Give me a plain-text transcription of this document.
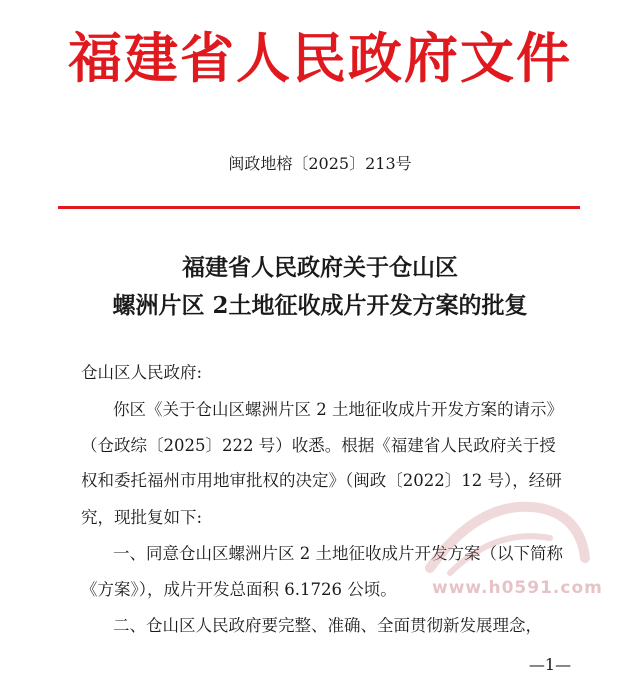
福建省人民政府文件
闽政地榕〔2025〕213号
福建省人民政府关于仓山区
螺洲片区 2土地征收成片开发方案的批复
仓山区人民政府:
你区《关于仓山区螺洲片区 2 土地征收成片开发方案的请示》
（仓政综〔2025〕222 号）收悉。根据《福建省人民政府关于授
权和委托福州市用地审批权的决定》（闽政〔2022〕12 号），经研
究，现批复如下:
一、同意仓山区螺洲片区 2 土地征收成片开发方案（以下简称
《方案》），成片开发总面积 6.1726 公顷。
二、仓山区人民政府要完整、准确、全面贯彻新发展理念，
www.h0591.com
—1—
